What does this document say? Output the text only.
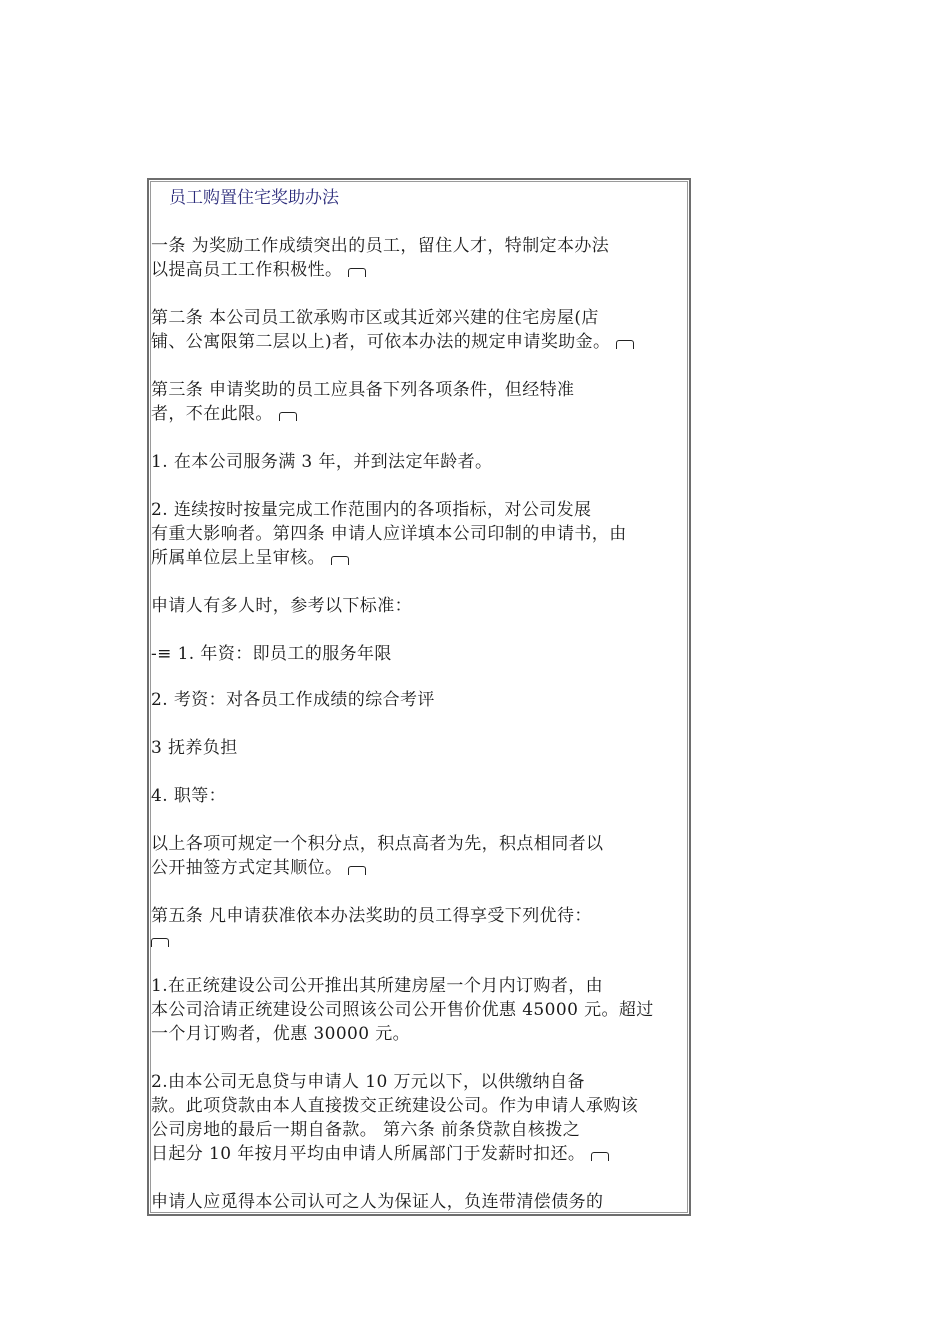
员工购置住宅奖助办法
一条 为奖励工作成绩突出的员工，留住人才，特制定本办法
以提高员工工作积极性。
第二条 本公司员工欲承购市区或其近郊兴建的住宅房屋(店
铺、公寓限第二层以上)者，可依本办法的规定申请奖助金。
第三条 申请奖助的员工应具备下列各项条件，但经特准
者，不在此限。
1. 在本公司服务满 3 年，并到法定年龄者。
2. 连续按时按量完成工作范围内的各项指标，对公司发展
有重大影响者。第四条 申请人应详填本公司印制的申请书，由
所属单位层上呈审核。
申请人有多人时，参考以下标准：
-≡ 1. 年资：即员工的服务年限
2. 考资：对各员工作成绩的综合考评
3 抚养负担
4. 职等：
以上各项可规定一个积分点，积点高者为先，积点相同者以
公开抽签方式定其顺位。
第五条 凡申请获准依本办法奖助的员工得享受下列优待：
1.在正统建设公司公开推出其所建房屋一个月内订购者，由
本公司洽请正统建设公司照该公司公开售价优惠 45000 元。超过
一个月订购者，优惠 30000 元。
2.由本公司无息贷与申请人 10 万元以下，以供缴纳自备
款。此项贷款由本人直接拨交正统建设公司。作为申请人承购该
公司房地的最后一期自备款。 第六条 前条贷款自核拨之
日起分 10 年按月平均由申请人所属部门于发薪时扣还。
申请人应觅得本公司认可之人为保证人，负连带清偿债务的
